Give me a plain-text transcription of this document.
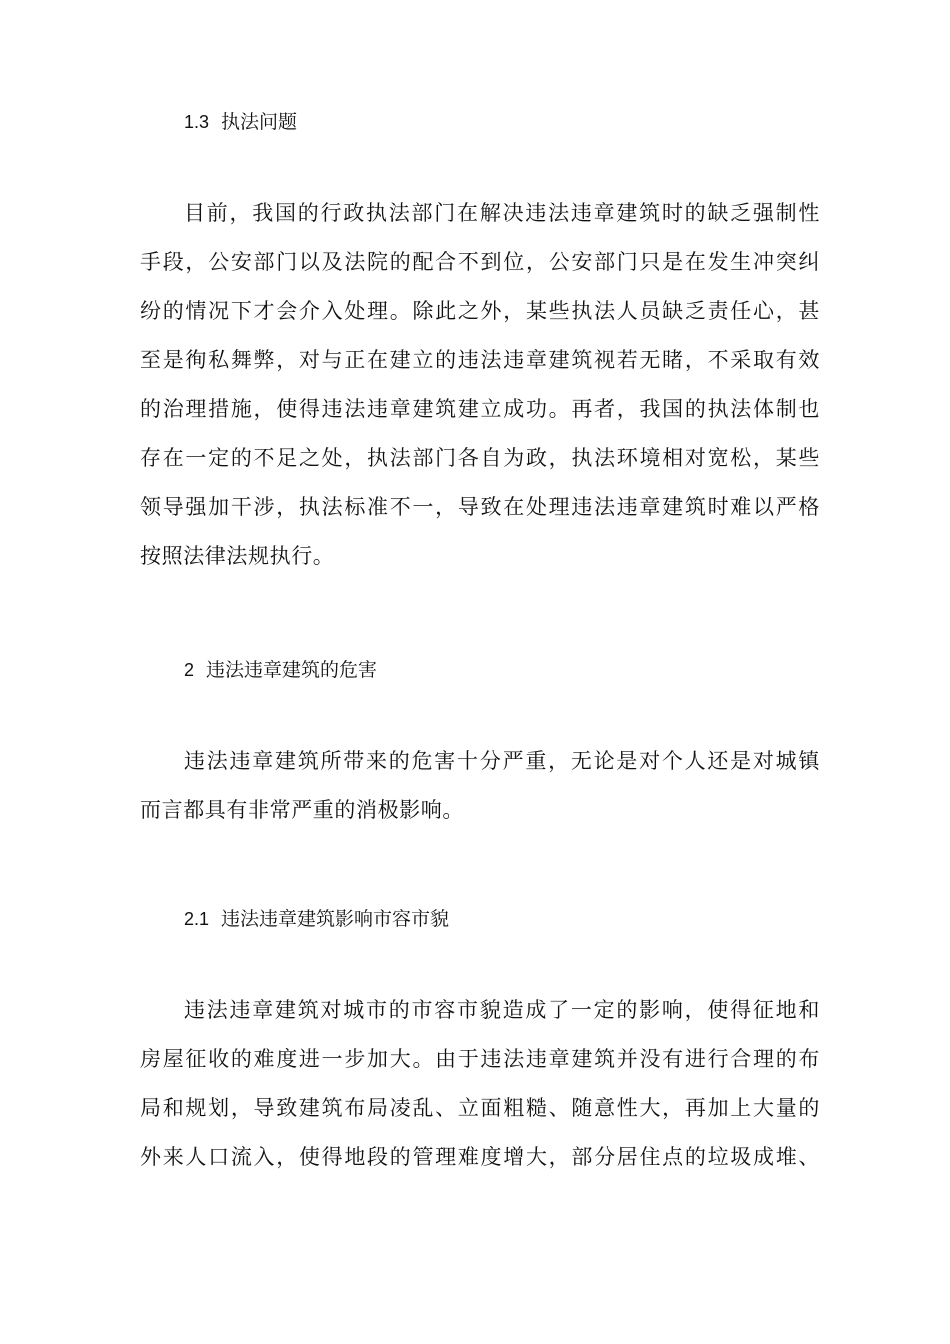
1.3 执法问题
目前，我国的行政执法部门在解决违法违章建筑时的缺乏强制性
手段，公安部门以及法院的配合不到位，公安部门只是在发生冲突纠
纷的情况下才会介入处理。除此之外，某些执法人员缺乏责任心，甚
至是徇私舞弊，对与正在建立的违法违章建筑视若无睹，不采取有效
的治理措施，使得违法违章建筑建立成功。再者，我国的执法体制也
存在一定的不足之处，执法部门各自为政，执法环境相对宽松，某些
领导强加干涉，执法标准不一，导致在处理违法违章建筑时难以严格
按照法律法规执行。
2 违法违章建筑的危害
违法违章建筑所带来的危害十分严重，无论是对个人还是对城镇
而言都具有非常严重的消极影响。
2.1 违法违章建筑影响市容市貌
违法违章建筑对城市的市容市貌造成了一定的影响，使得征地和
房屋征收的难度进一步加大。由于违法违章建筑并没有进行合理的布
局和规划，导致建筑布局凌乱、立面粗糙、随意性大，再加上大量的
外来人口流入，使得地段的管理难度增大，部分居住点的垃圾成堆、
